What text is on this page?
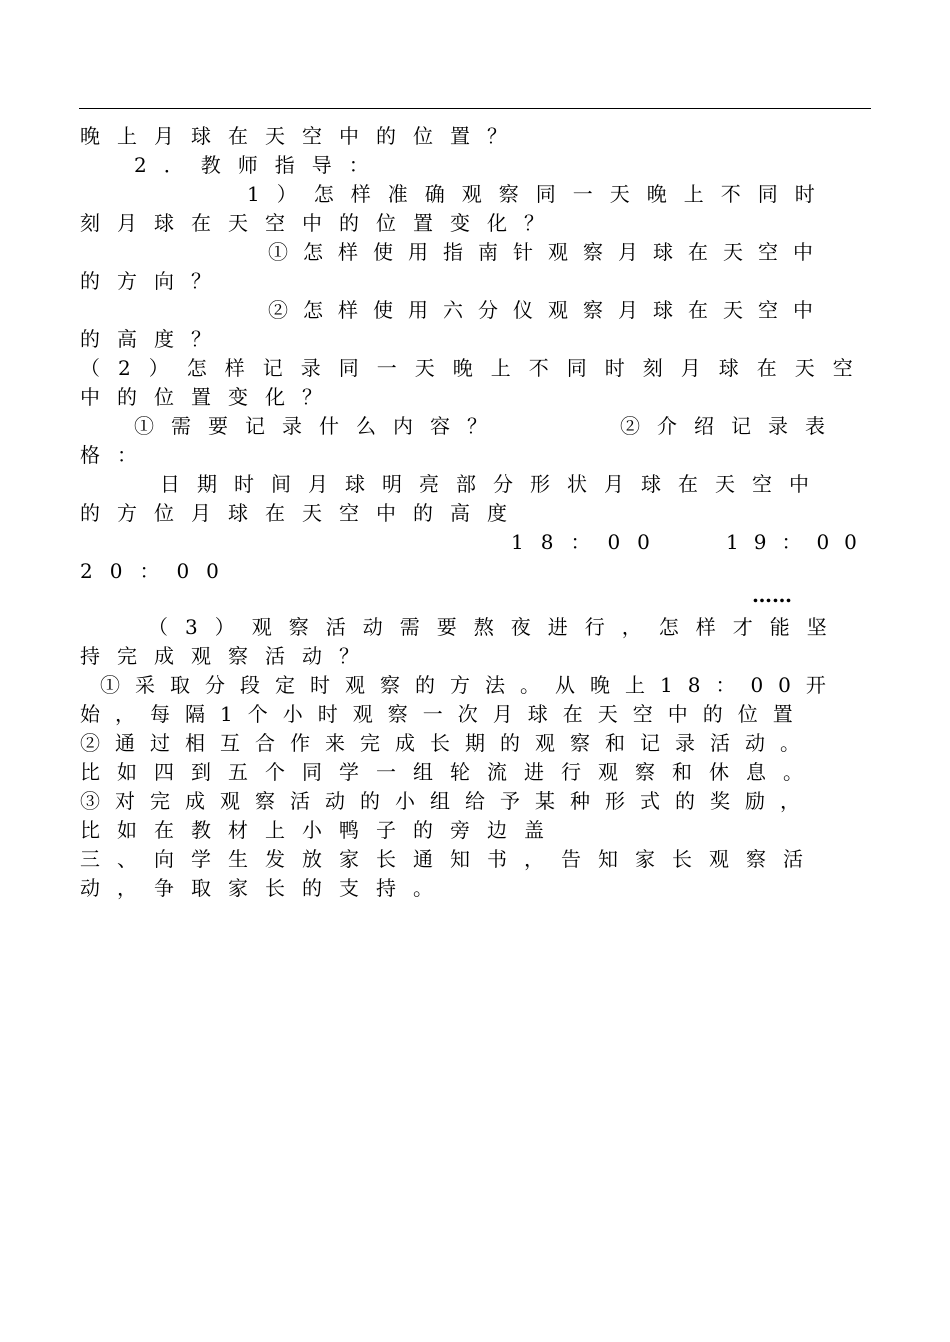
晚上月球在天空中的位置？
2．教师指导：
1）怎样准确观察同一天晚上不同时
刻月球在天空中的位置变化？
①怎样使用指南针观察月球在天空中
的方向？
②怎样使用六分仪观察月球在天空中
的高度？
（2）怎样记录同一天晚上不同时刻月球在天空
中的位置变化？
①需要记录什么内容？	②介绍记录表
格：
日期时间月球明亮部分形状月球在天空中
的方位月球在天空中的高度
18：00	19：00
20：00
……
（3）观察活动需要熬夜进行，怎样才能坚
持完成观察活动？
①采取分段定时观察的方法。从晚上18：00开
始，每隔1个小时观察一次月球在天空中的位置
②通过相互合作来完成长期的观察和记录活动。
比如四到五个同学一组轮流进行观察和休息。
③对完成观察活动的小组给予某种形式的奖励，
比如在教材上小鸭子的旁边盖
三、向学生发放家长通知书，告知家长观察活
动，争取家长的支持。
